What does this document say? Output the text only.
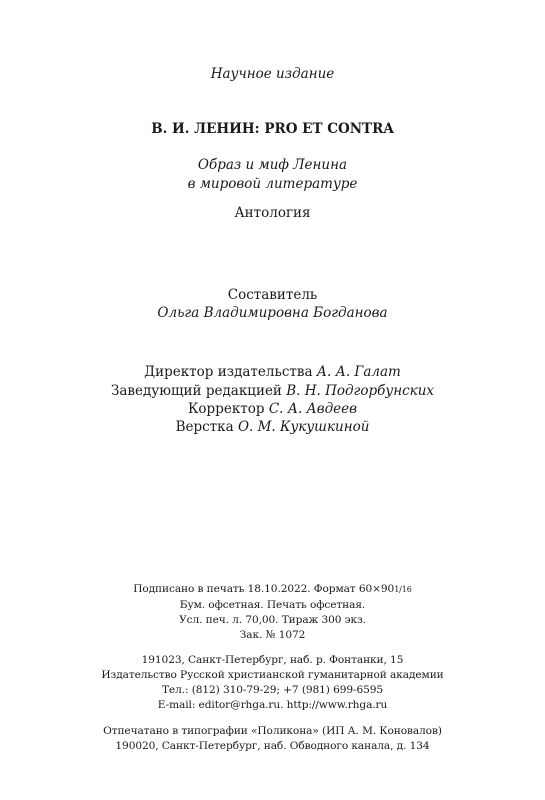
Научное издание
В. И. ЛЕНИН: PRO ET CONTRA
Образ и миф Ленина
в мировой литературе
Антология
Составитель
Ольга Владимировна Богданова
Директор издательства А. А. Галат
Заведующий редакцией В. Н. Подгорбунских
Корректор С. А. Авдеев
Верстка О. М. Кукушкиной
Подписано в печать 18.10.2022. Формат 60×901/16
Бум. офсетная. Печать офсетная.
Усл. печ. л. 70,00. Тираж 300 экз.
Зак. № 1072
191023, Санкт-Петербург, наб. р. Фонтанки, 15
Издательство Русской христианской гуманитарной академии
Тел.: (812) 310-79-29; +7 (981) 699-6595
E-mail: editor@rhga.ru. http://www.rhga.ru
Отпечатано в типографии «Поликона» (ИП А. М. Коновалов)
190020, Санкт-Петербург, наб. Обводного канала, д. 134
